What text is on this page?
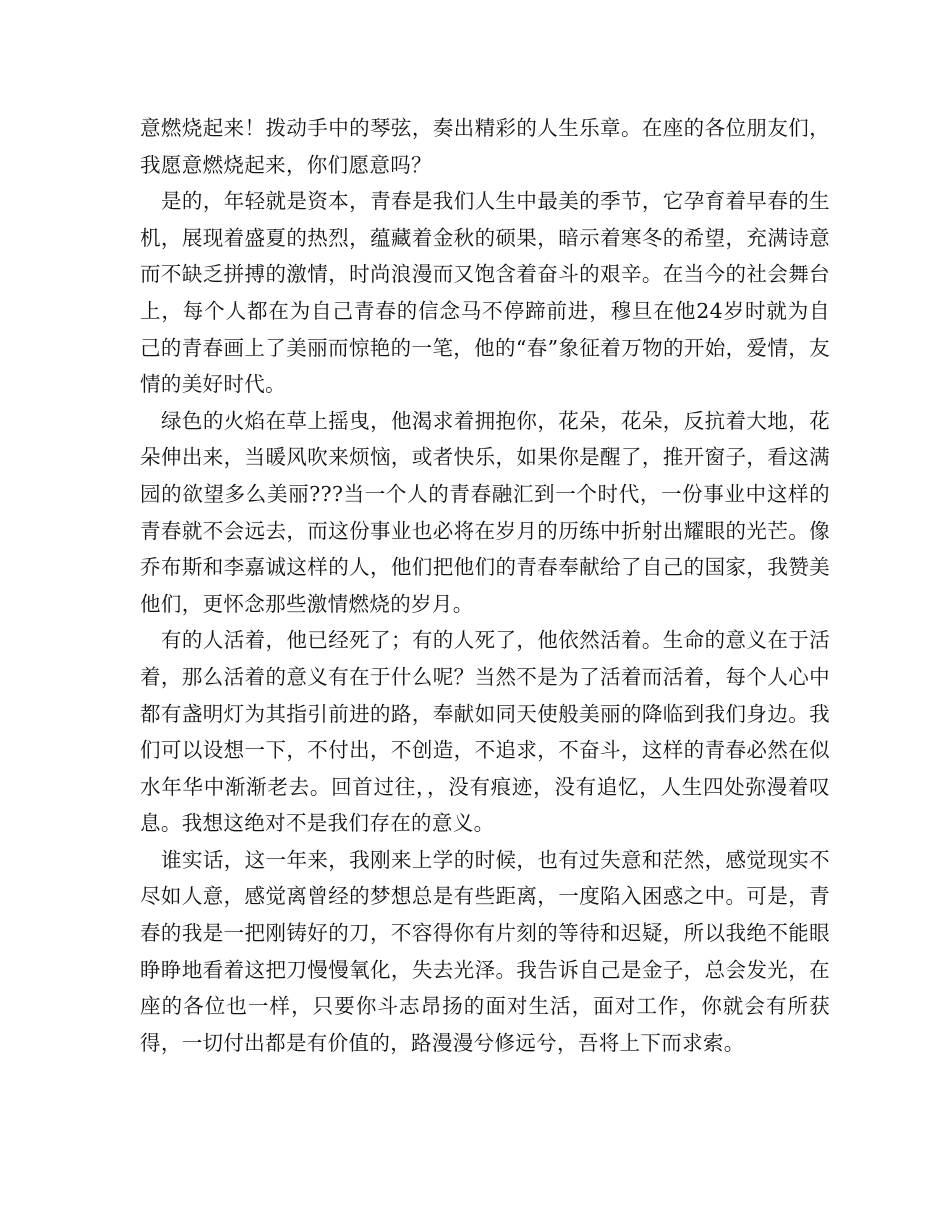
意燃烧起来！拨动手中的琴弦，奏出精彩的人生乐章。在座的各位朋友们，我愿意燃烧起来，你们愿意吗？

是的，年轻就是资本，青春是我们人生中最美的季节，它孕育着早春的生机，展现着盛夏的热烈，蕴藏着金秋的硕果，暗示着寒冬的希望，充满诗意而不缺乏拼搏的激情，时尚浪漫而又饱含着奋斗的艰辛。在当今的社会舞台上，每个人都在为自己青春的信念马不停蹄前进，穆旦在他24岁时就为自己的青春画上了美丽而惊艳的一笔，他的“春”象征着万物的开始，爱情，友情的美好时代。

绿色的火焰在草上摇曳，他渴求着拥抱你，花朵，花朵，反抗着大地，花朵伸出来，当暖风吹来烦恼，或者快乐，如果你是醒了，推开窗子，看这满园的欲望多么美丽???当一个人的青春融汇到一个时代，一份事业中这样的青春就不会远去，而这份事业也必将在岁月的历练中折射出耀眼的光芒。像乔布斯和李嘉诚这样的人，他们把他们的青春奉献给了自己的国家，我赞美他们，更怀念那些激情燃烧的岁月。

有的人活着，他已经死了；有的人死了，他依然活着。生命的意义在于活着，那么活着的意义有在于什么呢？当然不是为了活着而活着，每个人心中都有盏明灯为其指引前进的路，奉献如同天使般美丽的降临到我们身边。我们可以设想一下，不付出，不创造，不追求，不奋斗，这样的青春必然在似水年华中渐渐老去。回首过往，，没有痕迹，没有追忆，人生四处弥漫着叹息。我想这绝对不是我们存在的意义。

谁实话，这一年来，我刚来上学的时候，也有过失意和茫然，感觉现实不尽如人意，感觉离曾经的梦想总是有些距离，一度陷入困惑之中。可是，青春的我是一把刚铸好的刀，不容得你有片刻的等待和迟疑，所以我绝不能眼睁睁地看着这把刀慢慢氧化，失去光泽。我告诉自己是金子，总会发光，在座的各位也一样，只要你斗志昂扬的面对生活，面对工作，你就会有所获得，一切付出都是有价值的，路漫漫兮修远兮，吾将上下而求索。
